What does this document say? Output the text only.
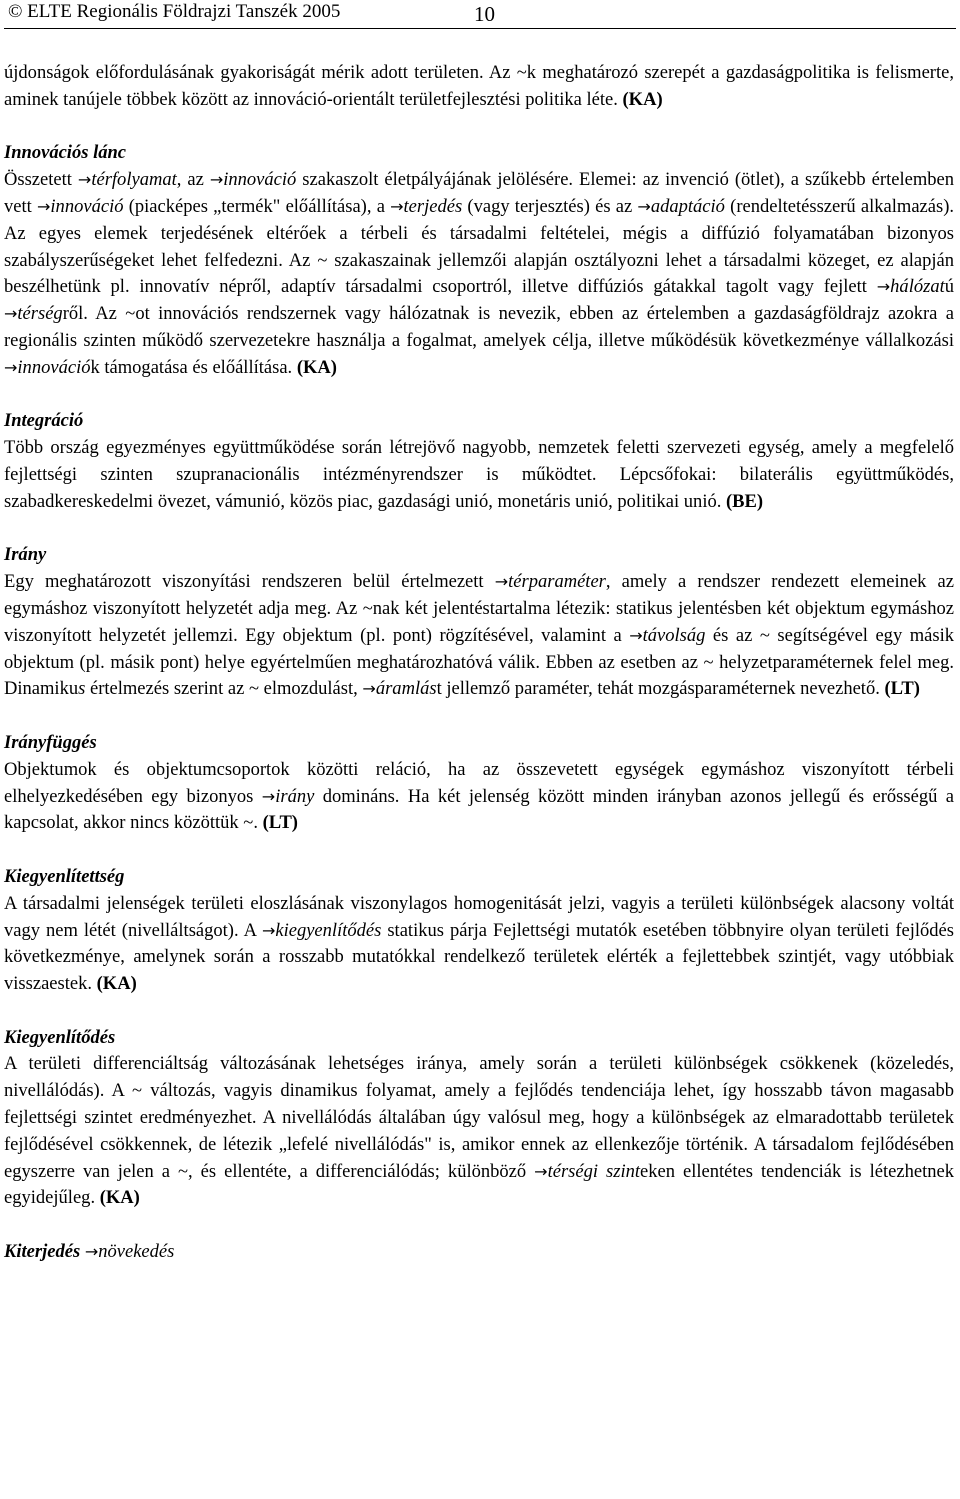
© ELTE Regionális Földrajzi Tanszék 2005	10

újdonságok előfordulásának gyakoriságát mérik adott területen. Az ~k meghatározó szerepét a gazdaságpolitika is felismerte, aminek tanújele többek között az innováció-orientált területfejlesztési politika léte. (KA)

Innovációs lánc

Összetett →térfolyamat, az →innováció szakaszolt életpályájának jelölésére. Elemei: az invenció (ötlet), a szűkebb értelemben vett →innováció (piacképes „termék" előállítása), a →terjedés (vagy terjesztés) és az →adaptáció (rendeltetésszerű alkalmazás). Az egyes elemek terjedésének eltérőek a térbeli és társadalmi feltételei, mégis a diffúzió folyamatában bizonyos szabályszerűségeket lehet felfedezni. Az ~ szakaszainak jellemzői alapján osztályozni lehet a társadalmi közeget, ez alapján beszélhetünk pl. innovatív népről, adaptív társadalmi csoportról, illetve diffúziós gátakkal tagolt vagy fejlett →hálózatú →térségről. Az ~ot innovációs rendszernek vagy hálózatnak is nevezik, ebben az értelemben a gazdaságföldrajz azokra a regionális szinten működő szervezetekre használja a fogalmat, amelyek célja, illetve működésük következménye vállalkozási →innovációk támogatása és előállítása. (KA)

Integráció

Több ország egyezményes együttműködése során létrejövő nagyobb, nemzetek feletti szervezeti egység, amely a megfelelő fejlettségi szinten szupranacionális intézményrendszer is működtet. Lépcsőfokai: bilaterális együttműködés, szabadkereskedelmi övezet, vámunió, közös piac, gazdasági unió, monetáris unió, politikai unió. (BE)

Irány

Egy meghatározott viszonyítási rendszeren belül értelmezett →térparaméter, amely a rendszer rendezett elemeinek az egymáshoz viszonyított helyzetét adja meg. Az ~nak két jelentéstartalma létezik: statikus jelentésben két objektum egymáshoz viszonyított helyzetét jellemzi. Egy objektum (pl. pont) rögzítésével, valamint a →távolság és az ~ segítségével egy másik objektum (pl. másik pont) helye egyértelműen meghatározhatóvá válik. Ebben az esetben az ~ helyzetparaméternek felel meg. Dinamikus értelmezés szerint az ~ elmozdulást, →áramlást jellemző paraméter, tehát mozgásparaméternek nevezhető. (LT)

Irányfüggés

Objektumok és objektumcsoportok közötti reláció, ha az összevetett egységek egymáshoz viszonyított térbeli elhelyezkedésében egy bizonyos →irány domináns. Ha két jelenség között minden irányban azonos jellegű és erősségű a kapcsolat, akkor nincs közöttük ~. (LT)

Kiegyenlítettség

A társadalmi jelenségek területi eloszlásának viszonylagos homogenitását jelzi, vagyis a területi különbségek alacsony voltát vagy nem létét (nivelláltságot). A →kiegyenlítődés statikus párja Fejlettségi mutatók esetében többnyire olyan területi fejlődés következménye, amelynek során a rosszabb mutatókkal rendelkező területek elérték a fejlettebbek szintjét, vagy utóbbiak visszaestek. (KA)

Kiegyenlítődés

A területi differenciáltság változásának lehetséges iránya, amely során a területi különbségek csökkenek (közeledés, nivellálódás). A ~ változás, vagyis dinamikus folyamat, amely a fejlődés tendenciája lehet, így hosszabb távon magasabb fejlettségi szintet eredményezhet. A nivellálódás általában úgy valósul meg, hogy a különbségek az elmaradottabb területek fejlődésével csökkennek, de létezik „lefelé nivellálódás" is, amikor ennek az ellenkezője történik. A társadalom fejlődésében egyszerre van jelen a ~, és ellentéte, a differenciálódás; különböző →térségi szinteken ellentétes tendenciák is létezhetnek egyidejűleg. (KA)

Kiterjedés →növekedés
